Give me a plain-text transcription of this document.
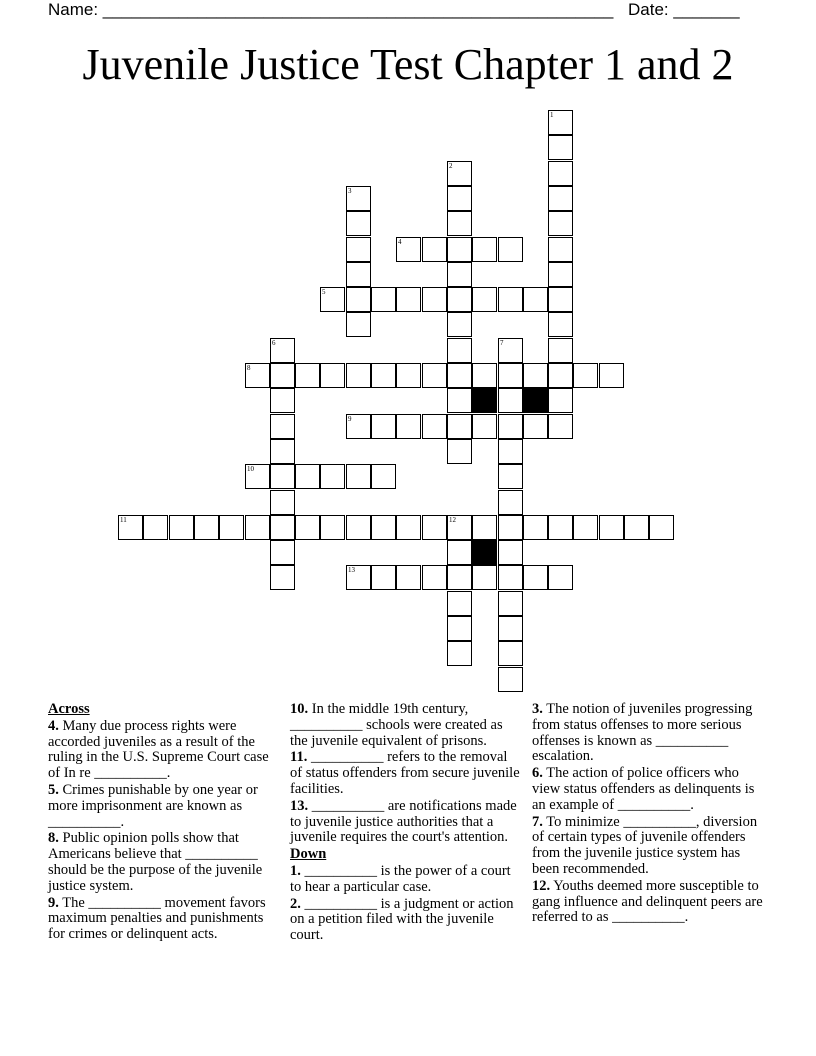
Name: ______________________________________________________ Date: _______
Juvenile Justice Test Chapter 1 and 2
1
2
3
4
5
6	7
8
9
10
11	12
13
Across
4. Many due process rights were accorded juveniles as a result of the ruling in the U.S. Supreme Court case of In re __________.
5. Crimes punishable by one year or more imprisonment are known as __________.
8. Public opinion polls show that Americans believe that __________ should be the purpose of the juvenile justice system.
9. The __________ movement favors maximum penalties and punishments for crimes or delinquent acts.
10. In the middle 19th century, __________ schools were created as the juvenile equivalent of prisons.
11. __________ refers to the removal of status offenders from secure juvenile facilities.
13. __________ are notifications made to juvenile justice authorities that a juvenile requires the court's attention.
Down
1. __________ is the power of a court to hear a particular case.
2. __________ is a judgment or action on a petition filed with the juvenile court.
3. The notion of juveniles progressing from status offenses to more serious offenses is known as __________ escalation.
6. The action of police officers who view status offenders as delinquents is an example of __________.
7. To minimize __________, diversion of certain types of juvenile offenders from the juvenile justice system has been recommended.
12. Youths deemed more susceptible to gang influence and delinquent peers are referred to as __________.
